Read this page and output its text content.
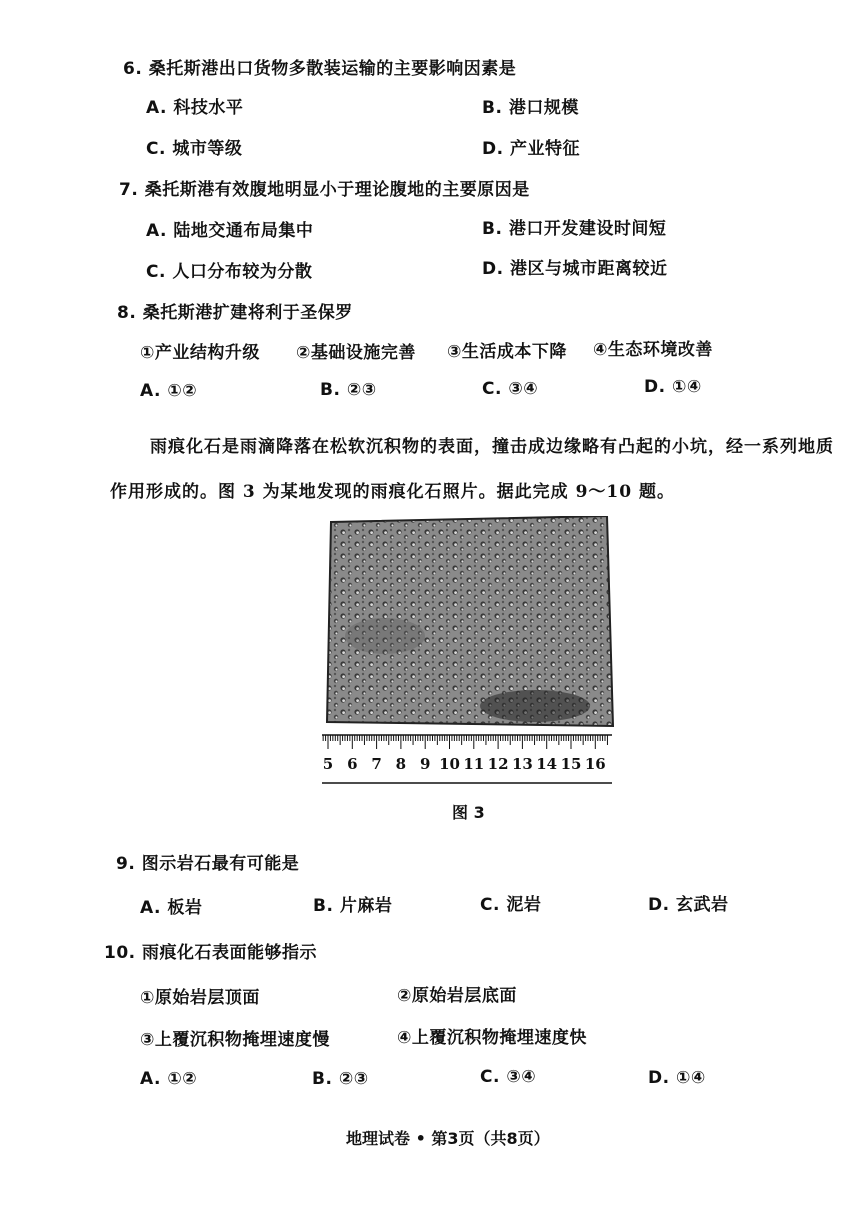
6. 桑托斯港出口货物多散装运输的主要影响因素是
A. 科技水平	B. 港口规模
C. 城市等级	D. 产业特征
7. 桑托斯港有效腹地明显小于理论腹地的主要原因是
A. 陆地交通布局集中	B. 港口开发建设时间短
C. 人口分布较为分散	D. 港区与城市距离较近
8. 桑托斯港扩建将利于圣保罗
①产业结构升级 ②基础设施完善 ③生活成本下降 ④生态环境改善
A. ①②	B. ②③	C. ③④	D. ①④
雨痕化石是雨滴降落在松软沉积物的表面，撞击成边缘略有凸起的小坑，经一系列地质
作用形成的。图 3 为某地发现的雨痕化石照片。据此完成 9～10 题。
5 6 7 8 9 10 11 12 13 14 15 16
图 3
9. 图示岩石最有可能是
A. 板岩	B. 片麻岩	C. 泥岩	D. 玄武岩
10. 雨痕化石表面能够指示
①原始岩层顶面	②原始岩层底面
③上覆沉积物掩埋速度慢	④上覆沉积物掩埋速度快
A. ①②	B. ②③	C. ③④	D. ①④
地理试卷 • 第3页（共8页）
